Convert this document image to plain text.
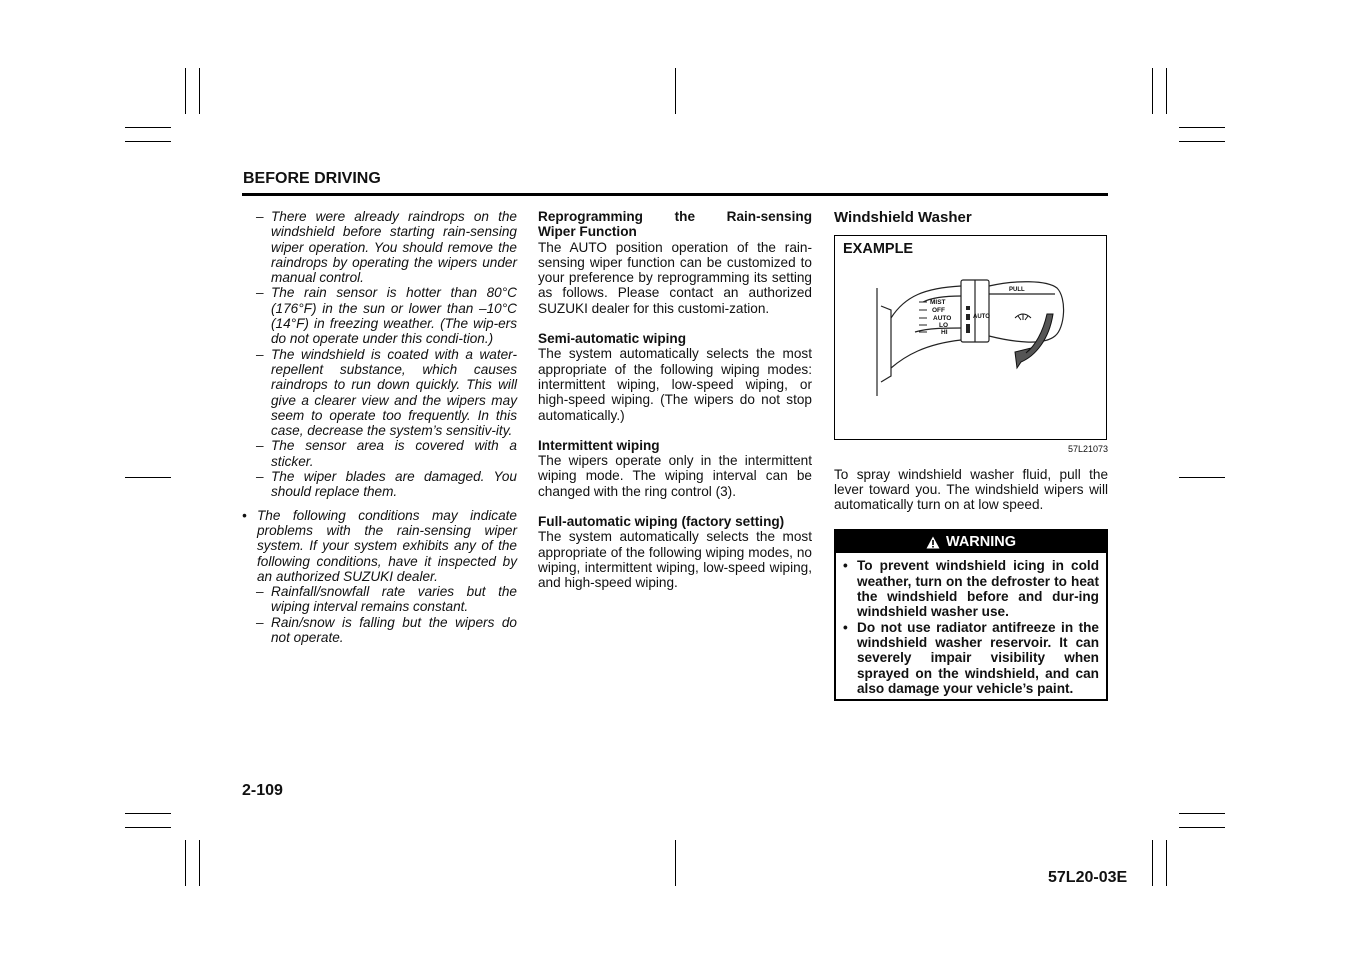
BEFORE DRIVING
– There were already raindrops on the windshield before starting rain-sensing wiper operation. You should remove the raindrops by operating the wipers under manual control.
– The rain sensor is hotter than 80°C (176°F) in the sun or lower than –10°C (14°F) in freezing weather. (The wip-ers do not operate under this condi-tion.)
– The windshield is coated with a water-repellent substance, which causes raindrops to run down quickly. This will give a clearer view and the wipers may seem to operate too frequently. In this case, decrease the system’s sensitiv-ity.
– The sensor area is covered with a sticker.
– The wiper blades are damaged. You should replace them.
• The following conditions may indicate problems with the rain-sensing wiper system. If your system exhibits any of the following conditions, have it inspected by an authorized SUZUKI dealer.
– Rainfall/snowfall rate varies but the wiping interval remains constant.
– Rain/snow is falling but the wipers do not operate.
Reprogramming the Rain-sensing
Wiper Function
The AUTO position operation of the rain-sensing wiper function can be customized to your preference by reprogramming its setting as follows. Please contact an authorized SUZUKI dealer for this customi-zation.
Semi-automatic wiping
The system automatically selects the most appropriate of the following wiping modes: intermittent wiping, low-speed wiping, or high-speed wiping. (The wipers do not stop automatically.)
Intermittent wiping
The wipers operate only in the intermittent wiping mode. The wiping interval can be changed with the ring control (3).
Full-automatic wiping (factory setting)
The system automatically selects the most appropriate of the following wiping modes, no wiping, intermittent wiping, low-speed wiping, and high-speed wiping.
Windshield Washer
EXAMPLE
MIST
OFF
AUTO
LO
HI
AUTO
PULL
57L21073
To spray windshield washer fluid, pull the lever toward you. The windshield wipers will automatically turn on at low speed.
WARNING
• To prevent windshield icing in cold weather, turn on the defroster to heat the windshield before and dur-ing windshield washer use.
• Do not use radiator antifreeze in the windshield washer reservoir. It can severely impair visibility when sprayed on the windshield, and can also damage your vehicle’s paint.
2-109
57L20-03E
